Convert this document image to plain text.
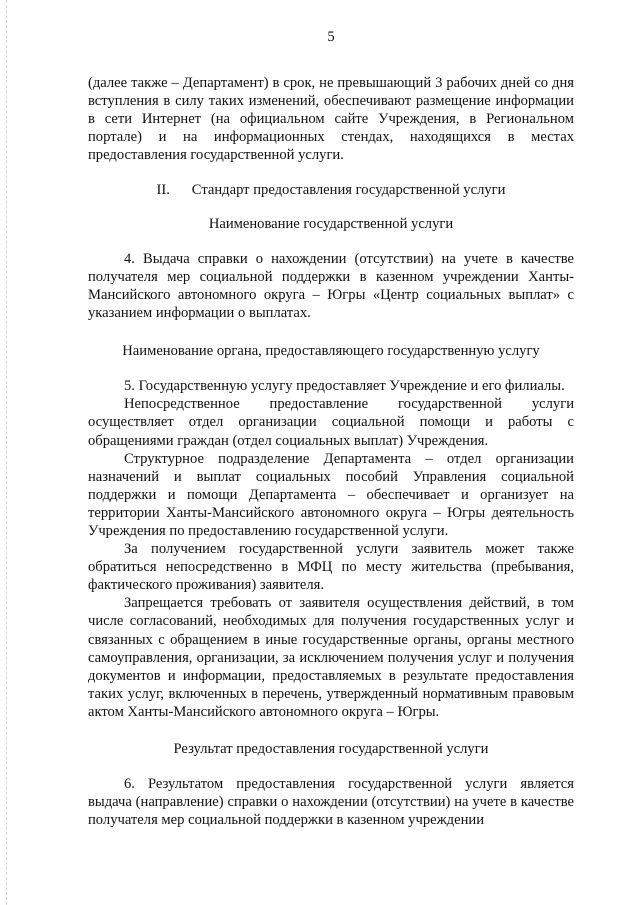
5

(далее также – Департамент) в срок, не превышающий 3 рабочих дней со дня вступления в силу таких изменений, обеспечивают размещение информации в сети Интернет (на официальном сайте Учреждения, в Региональном портале) и на информационных стендах, находящихся в местах предоставления государственной услуги.

II.      Стандарт предоставления государственной услуги

Наименование государственной услуги

4. Выдача справки о нахождении (отсутствии) на учете в качестве получателя мер социальной поддержки в казенном учреждении Ханты-Мансийского автономного округа – Югры «Центр социальных выплат» с указанием информации о выплатах.

Наименование органа, предоставляющего государственную услугу

5. Государственную услугу предоставляет Учреждение и его филиалы.

Непосредственное предоставление государственной услуги осуществляет отдел организации социальной помощи и работы с обращениями граждан (отдел социальных выплат) Учреждения.

Структурное подразделение Департамента – отдел организации назначений и выплат социальных пособий Управления социальной поддержки и помощи Департамента – обеспечивает и организует на территории Ханты-Мансийского автономного округа – Югры деятельность Учреждения по предоставлению государственной услуги.

За получением государственной услуги заявитель может также обратиться непосредственно в МФЦ по месту жительства (пребывания, фактического проживания) заявителя.

Запрещается требовать от заявителя осуществления действий, в том числе согласований, необходимых для получения государственных услуг и связанных с обращением в иные государственные органы, органы местного самоуправления, организации, за исключением получения услуг и получения документов и информации, предоставляемых в результате предоставления таких услуг, включенных в перечень, утвержденный нормативным правовым актом Ханты-Мансийского автономного округа – Югры.

Результат предоставления государственной услуги

6. Результатом предоставления государственной услуги является выдача (направление) справки о нахождении (отсутствии) на учете в качестве получателя мер социальной поддержки в казенном учреждении
